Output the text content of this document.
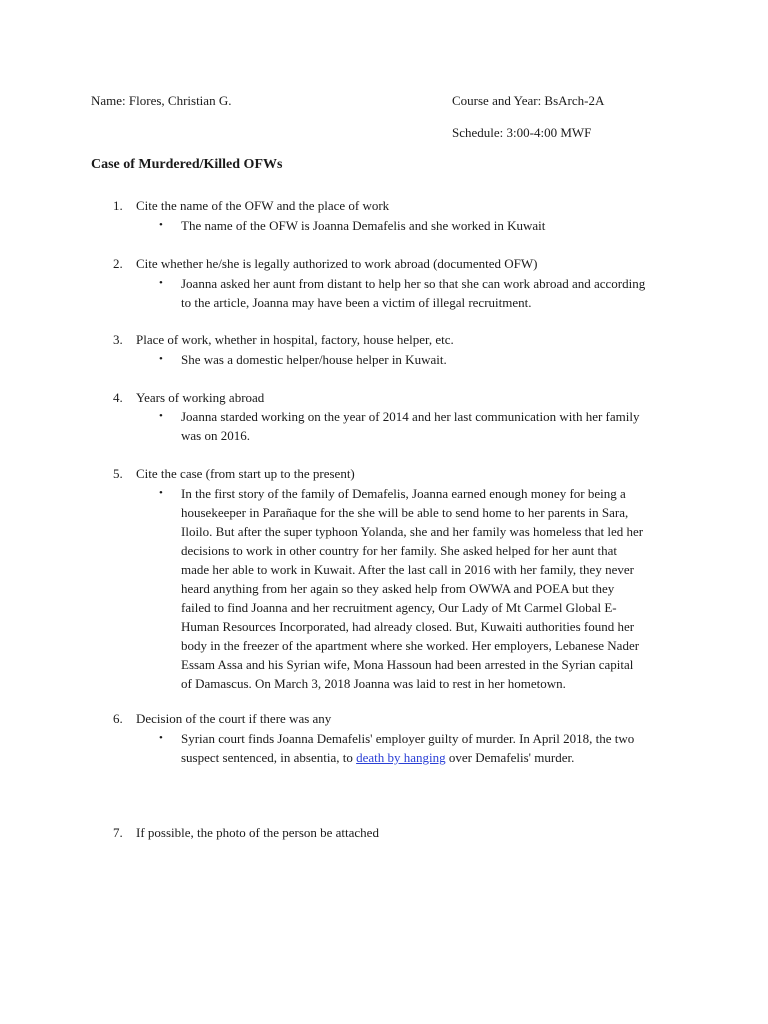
Name: Flores, Christian G.	Course and Year: BsArch-2A
Schedule: 3:00-4:00 MWF
Case of Murdered/Killed OFWs
1. Cite the name of the OFW and the place of work
• The name of the OFW is Joanna Demafelis and she worked in Kuwait
2. Cite whether he/she is legally authorized to work abroad (documented OFW)
• Joanna asked her aunt from distant to help her so that she can work abroad and according
to the article, Joanna may have been a victim of illegal recruitment.
3. Place of work, whether in hospital, factory, house helper, etc.
• She was a domestic helper/house helper in Kuwait.
4. Years of working abroad
• Joanna starded working on the year of 2014 and her last communication with her family
was on 2016.
5. Cite the case (from start up to the present)
• In the first story of the family of Demafelis, Joanna earned enough money for being a
housekeeper in Parañaque for the she will be able to send home to her parents in Sara,
Iloilo. But after the super typhoon Yolanda, she and her family was homeless that led her
decisions to work in other country for her family. She asked helped for her aunt that
made her able to work in Kuwait. After the last call in 2016 with her family, they never
heard anything from her again so they asked help from OWWA and POEA but they
failed to find Joanna and her recruitment agency, Our Lady of Mt Carmel Global E-
Human Resources Incorporated, had already closed. But, Kuwaiti authorities found her
body in the freezer of the apartment where she worked. Her employers, Lebanese Nader
Essam Assa and his Syrian wife, Mona Hassoun had been arrested in the Syrian capital
of Damascus. On March 3, 2018 Joanna was laid to rest in her hometown.
6. Decision of the court if there was any
• Syrian court finds Joanna Demafelis' employer guilty of murder. In April 2018, the two
suspect sentenced, in absentia, to death by hanging over Demafelis' murder.
7. If possible, the photo of the person be attached
